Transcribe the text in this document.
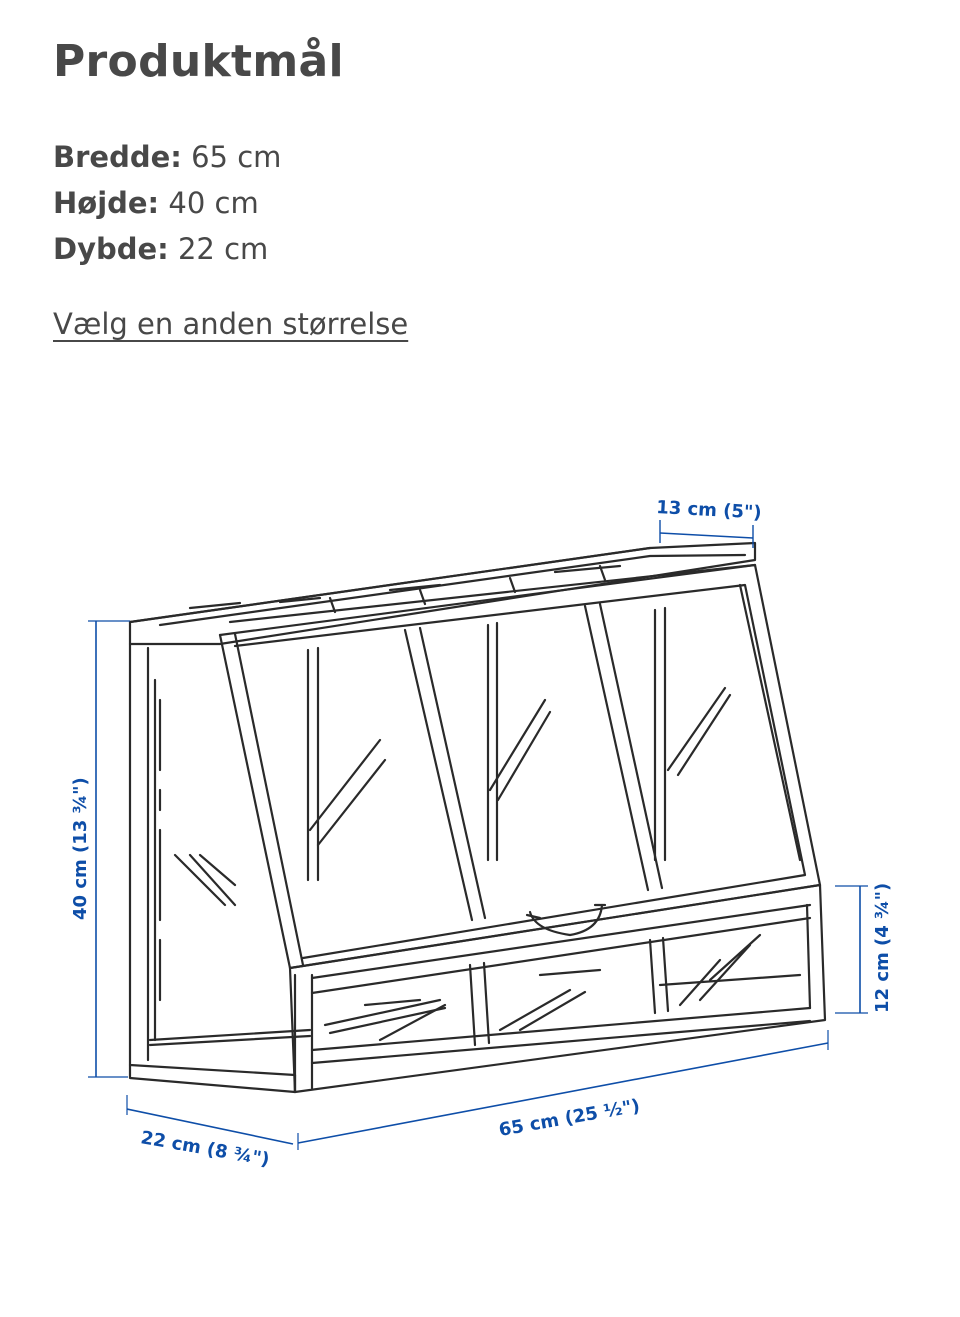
Produktmål
Bredde: 65 cm
Højde: 40 cm
Dybde: 22 cm
Vælg en anden størrelse
13 cm (5")
40 cm (13 ¾")
12 cm (4 ¾")
65 cm (25 ½")
22 cm (8 ¾")
